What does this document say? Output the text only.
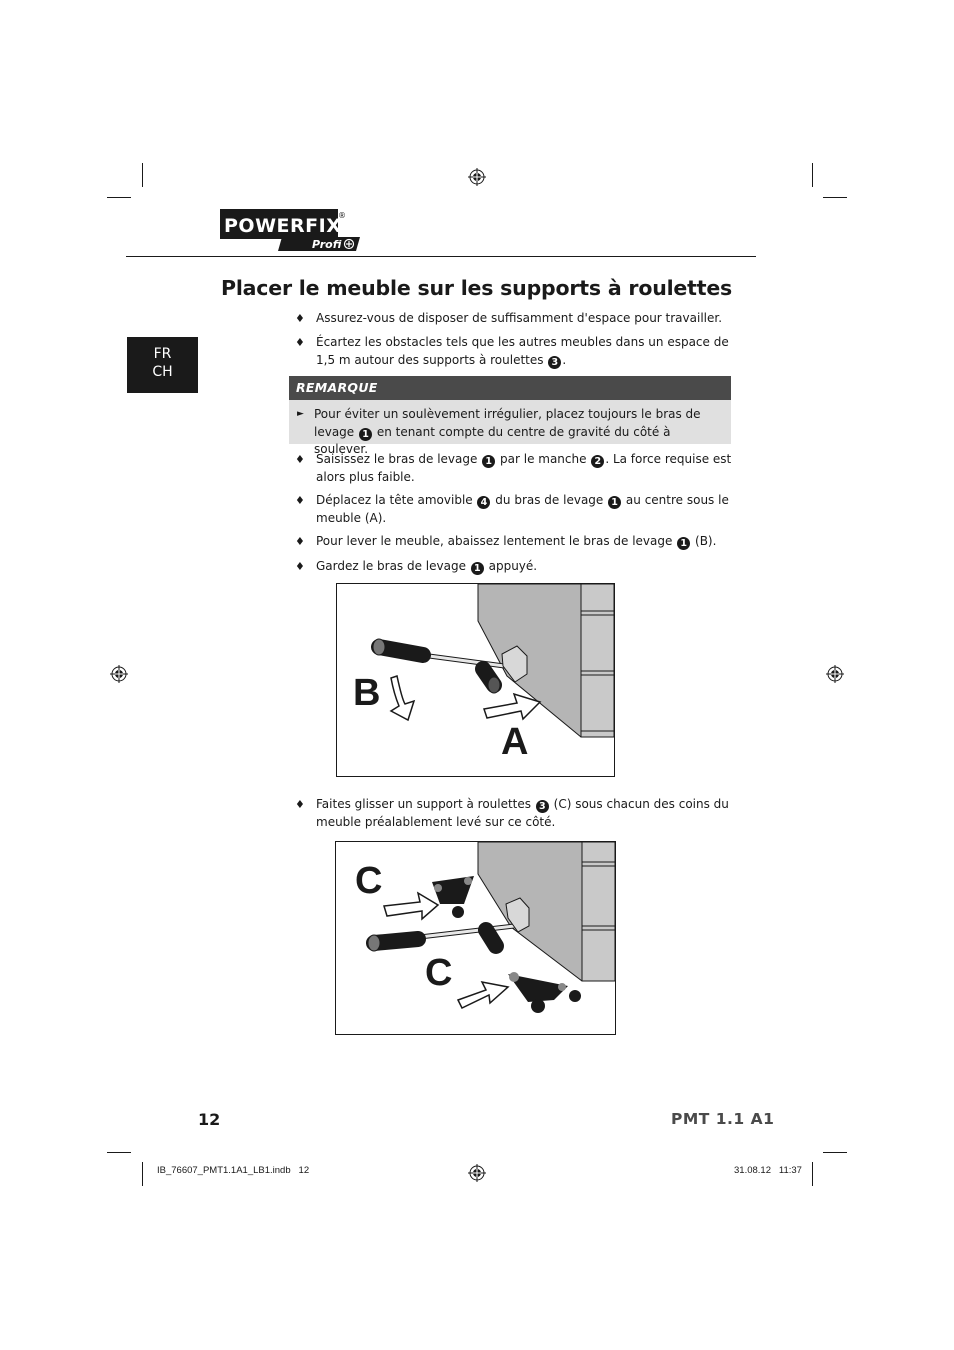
POWERFIX
®
Profi
Placer le meuble sur les supports à roulettes
FR
CH
♦ Assurez-vous de disposer de suffisamment d'espace pour travailler.
♦ Écartez les obstacles tels que les autres meubles dans un espace de 1,5 m autour des supports à roulettes 3 .
REMARQUE
► Pour éviter un soulèvement irrégulier, placez toujours le bras de levage 1 en tenant compte du centre de gravité du côté à soulever.
♦ Saisissez le bras de levage 1 par le manche 2 . La force requise est alors plus faible.
♦ Déplacez la tête amovible 4 du bras de levage 1 au centre sous le meuble (A).
♦ Pour lever le meuble, abaissez lentement le bras de levage 1 (B).
♦ Gardez le bras de levage 1 appuyé.
B
A
♦ Faites glisser un support à roulettes 3 (C) sous chacun des coins du meuble préalablement levé sur ce côté.
C
C
12	PMT 1.1 A1
IB_76607_PMT1.1A1_LB1.indb   12	31.08.12   11:37
